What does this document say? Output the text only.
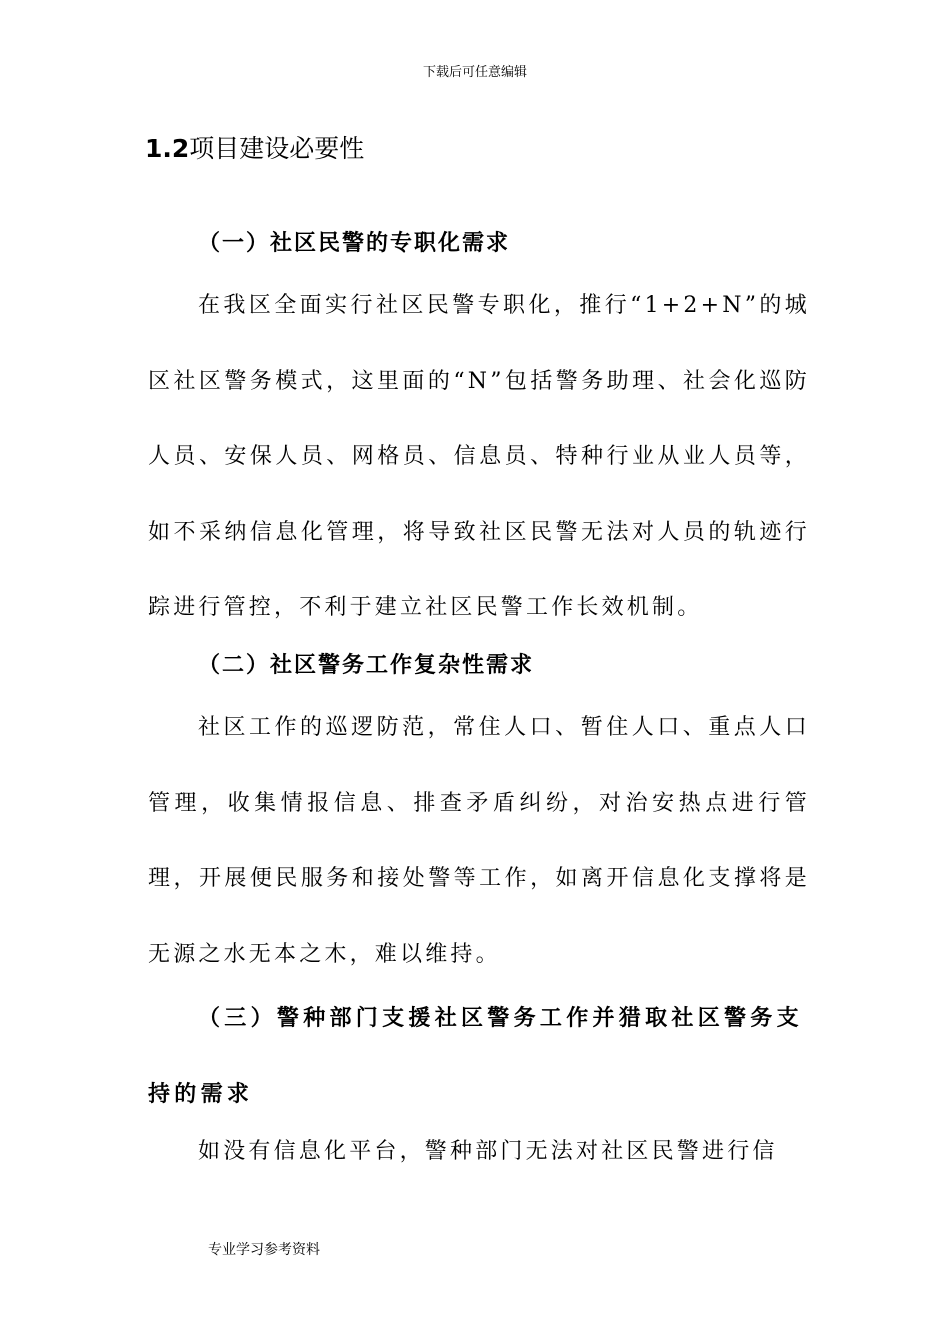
下载后可任意编辑
1.2项目建设必要性
（一）社区民警的专职化需求
在我区全面实行社区民警专职化，推行“1+2+N”的城区社区警务模式，这里面的“N”包括警务助理、社会化巡防人员、安保人员、网格员、信息员、特种行业从业人员等，如不采纳信息化管理，将导致社区民警无法对人员的轨迹行踪进行管控，不利于建立社区民警工作长效机制。
（二）社区警务工作复杂性需求
社区工作的巡逻防范，常住人口、暂住人口、重点人口管理，收集情报信息、排查矛盾纠纷，对治安热点进行管理，开展便民服务和接处警等工作，如离开信息化支撑将是无源之水无本之木，难以维持。
（三）警种部门支援社区警务工作并猎取社区警务支持的需求
如没有信息化平台，警种部门无法对社区民警进行信
专业学习参考资料
